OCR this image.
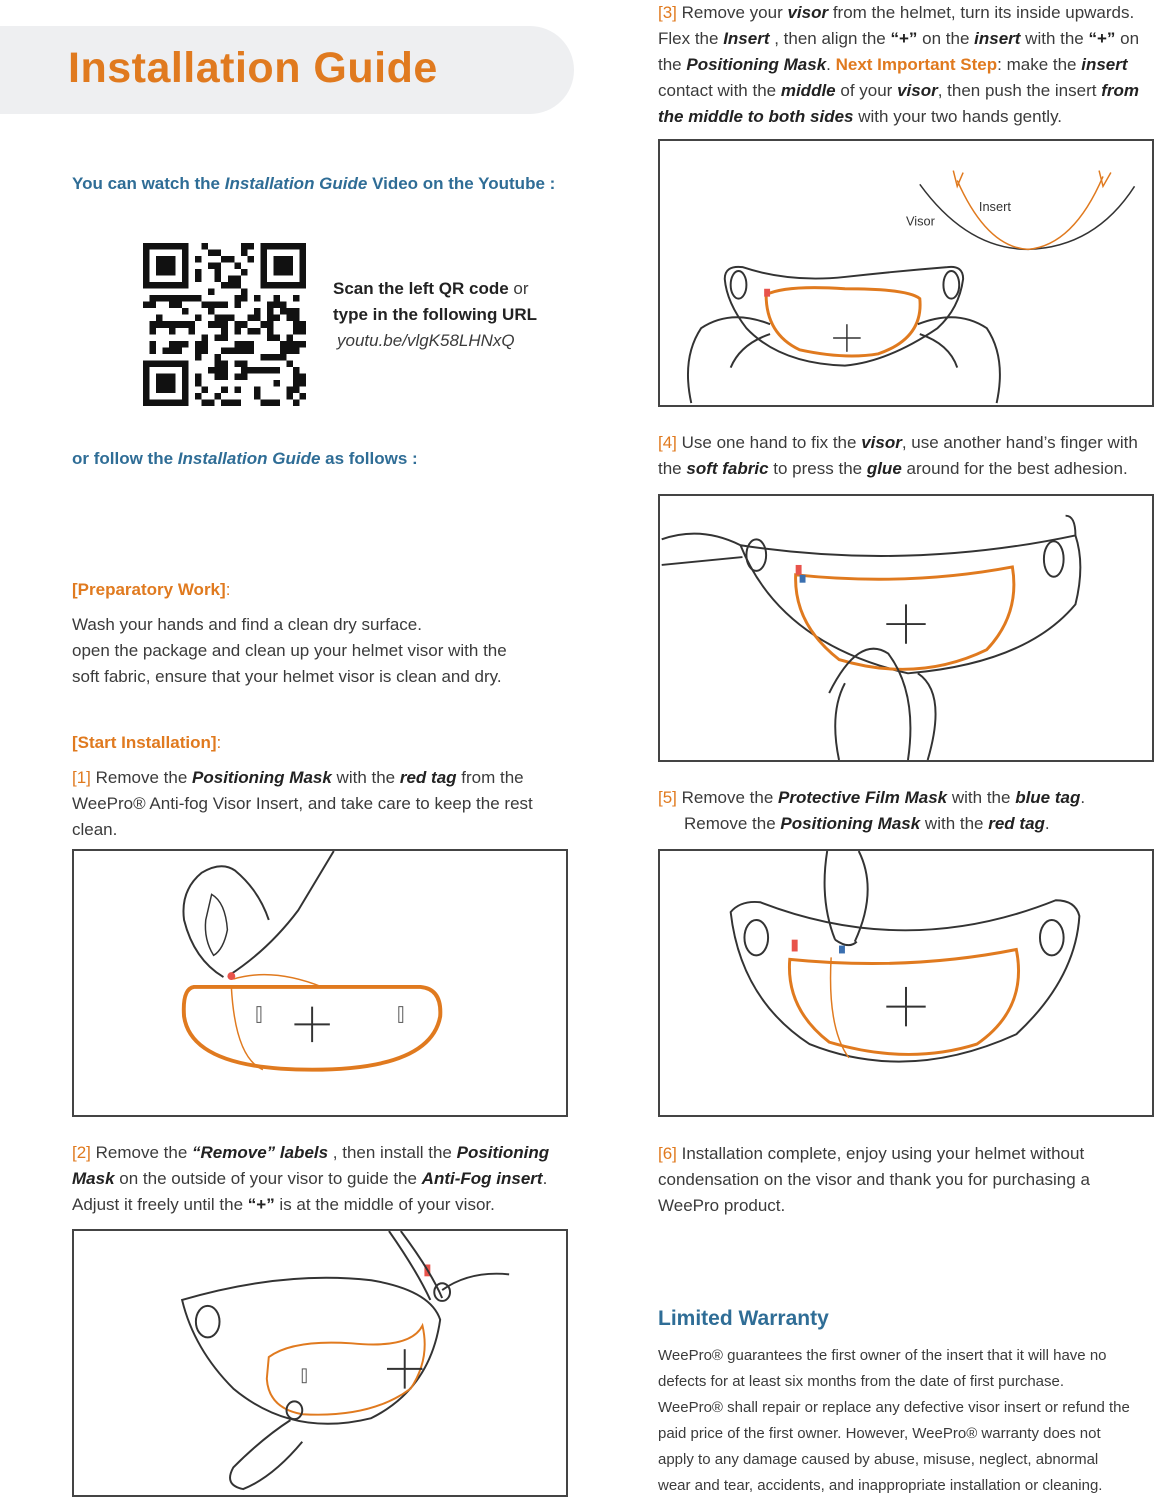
Installation Guide
You can watch the Installation Guide Video on the Youtube :
Scan the left QR code or
type in the following URL
youtu.be/vlgK58LHNxQ
or follow the Installation Guide as follows :
[Preparatory Work]:
Wash your hands and find a clean dry surface.
open the package and clean up your helmet visor with the
soft fabric, ensure that your helmet visor is clean and dry.
[Start Installation]:
[1] Remove the Positioning Mask with the red tag from the
WeePro® Anti-fog Visor Insert, and take care to keep the rest
clean.
[2] Remove the “Remove” labels , then install the Positioning
Mask on the outside of your visor to guide the Anti-Fog insert.
Adjust it freely until the “+” is at the middle of your visor.
[3] Remove your visor from the helmet, turn its inside upwards.
Flex the Insert , then align the “+” on the insert with the “+” on
the Positioning Mask. Next Important Step: make the insert
contact with the middle of your visor, then push the insert from
the middle to both sides with your two hands gently.
Visor
Insert
[4] Use one hand to fix the visor, use another hand’s finger with
the soft fabric to press the glue around for the best adhesion.
[5] Remove the Protective Film Mask with the blue tag.
Remove the Positioning Mask with the red tag.
[6] Installation complete, enjoy using your helmet without
condensation on the visor and thank you for purchasing a
WeePro product.
Limited Warranty
WeePro® guarantees the first owner of the insert that it will have no
defects for at least six months from the date of first purchase.
WeePro® shall repair or replace any defective visor insert or refund the
paid price of the first owner. However, WeePro® warranty does not
apply to any damage caused by abuse, misuse, neglect, abnormal
wear and tear, accidents, and inappropriate installation or cleaning.
